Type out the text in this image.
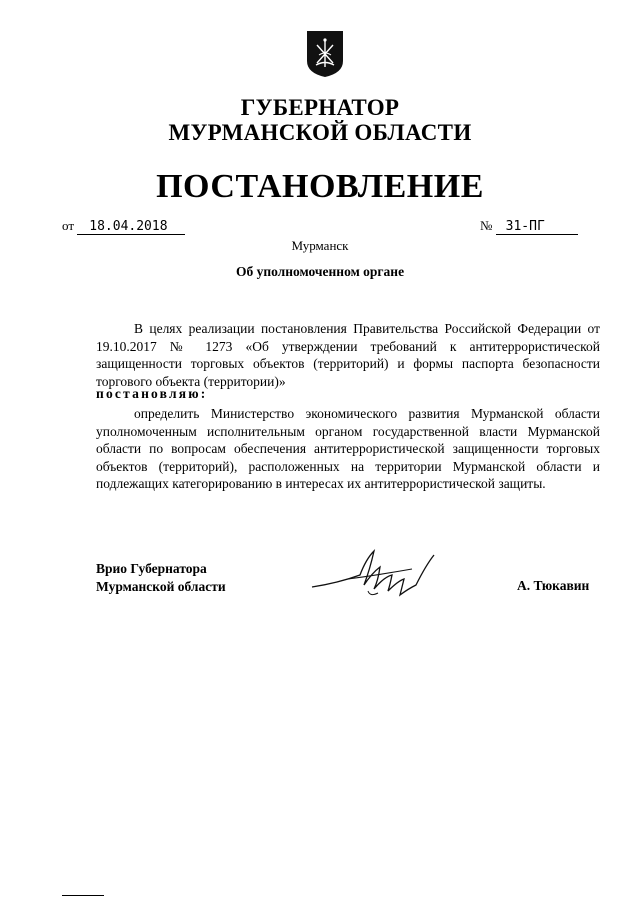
ГУБЕРНАТОР
МУРМАНСКОЙ ОБЛАСТИ
ПОСТАНОВЛЕНИЕ
от 18.04.2018	№ 31-ПГ
Мурманск
Об уполномоченном органе
В целях реализации постановления Правительства Российской Федерации от 19.10.2017 № 1273 «Об утверждении требований к антитеррористической защищенности торговых объектов (территорий) и формы паспорта безопасности торгового объекта (территории)»
постановляю:
определить Министерство экономического развития Мурманской области уполномоченным исполнительным органом государственной власти Мурманской области по вопросам обеспечения антитеррористической защищенности торговых объектов (территорий), расположенных на территории Мурманской области и подлежащих категорированию в интересах их антитеррористической защиты.
Врио Губернатора
Мурманской области	А. Тюкавин
